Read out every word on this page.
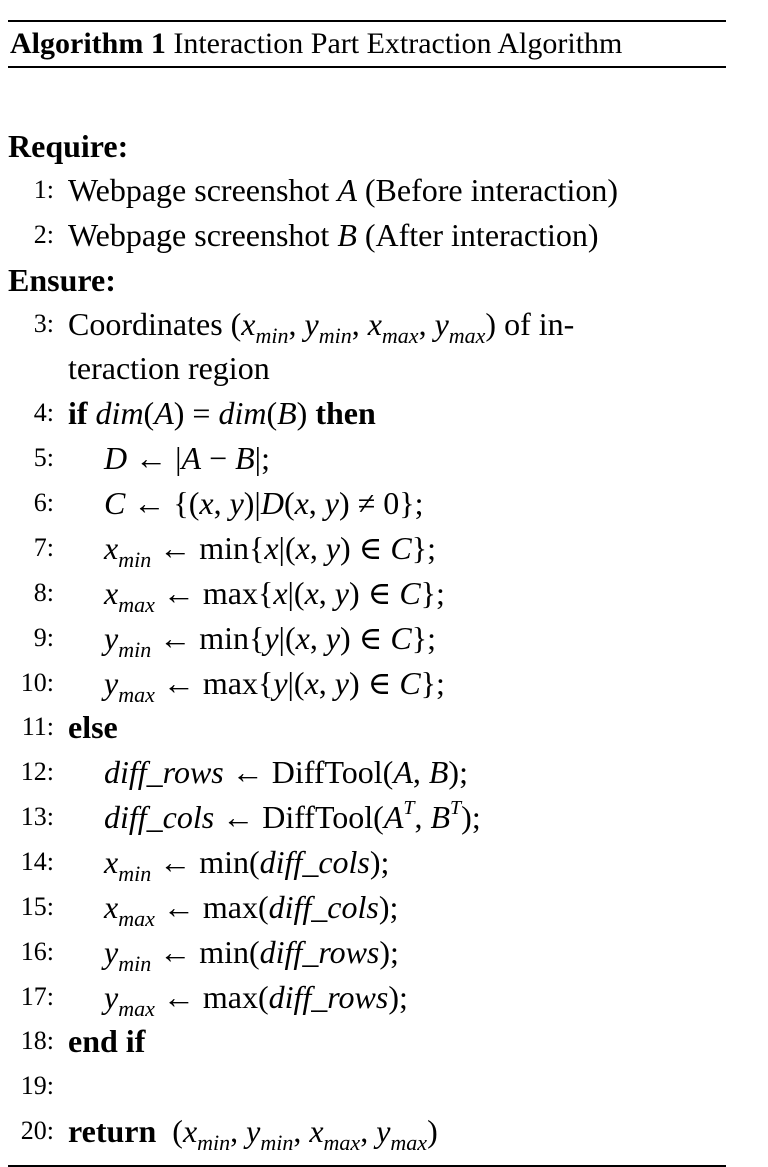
Algorithm 1 Interaction Part Extraction Algorithm
Require:
1: Webpage screenshot A (Before interaction)
2: Webpage screenshot B (After interaction)
Ensure:
3: Coordinates ($x_{min}$, $y_{min}$, $x_{max}$, $y_{max}$) of in-
teraction region
4: if dim(A) = dim(B) then
5: D ← |A − B|;
6: C ← {(x, y)|D(x, y) ≠ 0};
7: $x_{min}$ ← min{x|(x, y) ∈ C};
8: $x_{max}$ ← max{x|(x, y) ∈ C};
9: $y_{min}$ ← min{y|(x, y) ∈ C};
10: $y_{max}$ ← max{y|(x, y) ∈ C};
11: else
12: diff_rows ← DiffTool(A, B);
13: diff_cols ← $DiffTool(A^T$, $B^T$);
14: $x_{min}$ ← min(diff_cols);
15: $x_{max}$ ← max(diff_cols);
16: $y_{min}$ ← min(diff_rows);
17: $y_{max}$ ← max(diff_rows);
18: end if
19:
20: return  ($x_{min}$, $y_{min}$, $x_{max}$, $y_{max}$)
